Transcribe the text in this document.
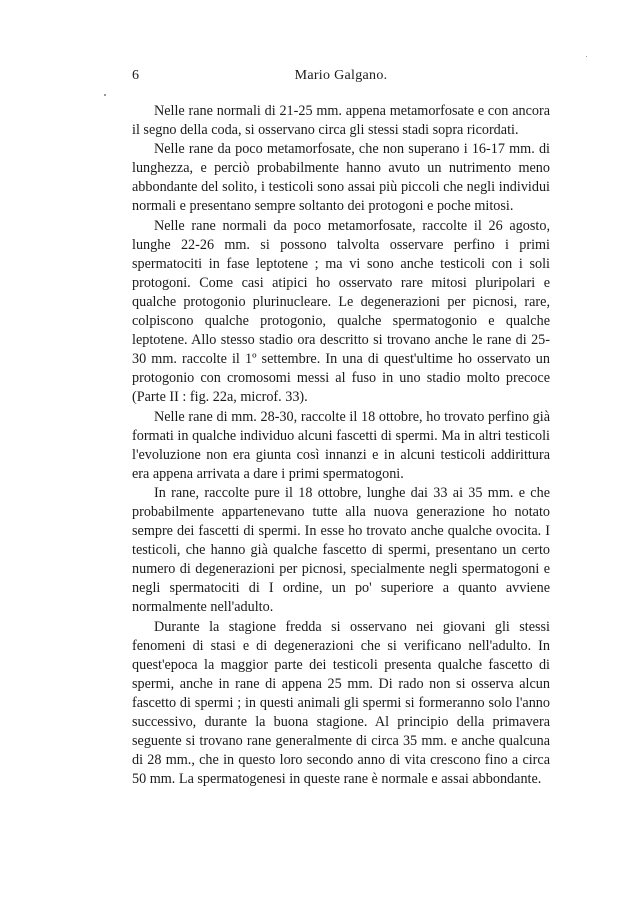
6	Mario Galgano.

Nelle rane normali di 21-25 mm. appena metamorfosate e con ancora il segno della coda, si osservano circa gli stessi stadi sopra ricordati.

Nelle rane da poco metamorfosate, che non superano i 16-17 mm. di lunghezza, e perciò probabilmente hanno avuto un nutrimento meno abbondante del solito, i testicoli sono assai più piccoli che negli individui normali e presentano sempre soltanto dei protogoni e poche mitosi.

Nelle rane normali da poco metamorfosate, raccolte il 26 agosto, lunghe 22-26 mm. si possono talvolta osservare perfino i primi spermatociti in fase leptotene ; ma vi sono anche testicoli con i soli protogoni. Come casi atipici ho osservato rare mitosi pluripolari e qualche protogonio plurinucleare. Le degenerazioni per picnosi, rare, colpiscono qualche protogonio, qualche spermatogonio e qualche leptotene. Allo stesso stadio ora descritto si trovano anche le rane di 25-30 mm. raccolte il 1º settembre. In una di quest'ultime ho osservato un protogonio con cromosomi messi al fuso in uno stadio molto precoce (Parte II : fig. 22a, microf. 33).

Nelle rane di mm. 28-30, raccolte il 18 ottobre, ho trovato perfino già formati in qualche individuo alcuni fascetti di spermi. Ma in altri testicoli l'evoluzione non era giunta così innanzi e in alcuni testicoli addirittura era appena arrivata a dare i primi spermatogoni.

In rane, raccolte pure il 18 ottobre, lunghe dai 33 ai 35 mm. e che probabilmente appartenevano tutte alla nuova generazione ho notato sempre dei fascetti di spermi. In esse ho trovato anche qualche ovocita. I testicoli, che hanno già qualche fascetto di spermi, presentano un certo numero di degenerazioni per picnosi, specialmente negli spermatogoni e negli spermatociti di I ordine, un po' superiore a quanto avviene normalmente nell'adulto.

Durante la stagione fredda si osservano nei giovani gli stessi fenomeni di stasi e di degenerazioni che si verificano nell'adulto. In quest'epoca la maggior parte dei testicoli presenta qualche fascetto di spermi, anche in rane di appena 25 mm. Di rado non si osserva alcun fascetto di spermi ; in questi animali gli spermi si formeranno solo l'anno successivo, durante la buona stagione. Al principio della primavera seguente si trovano rane generalmente di circa 35 mm. e anche qualcuna di 28 mm., che in questo loro secondo anno di vita crescono fino a circa 50 mm. La spermatogenesi in queste rane è normale e assai abbondante.
